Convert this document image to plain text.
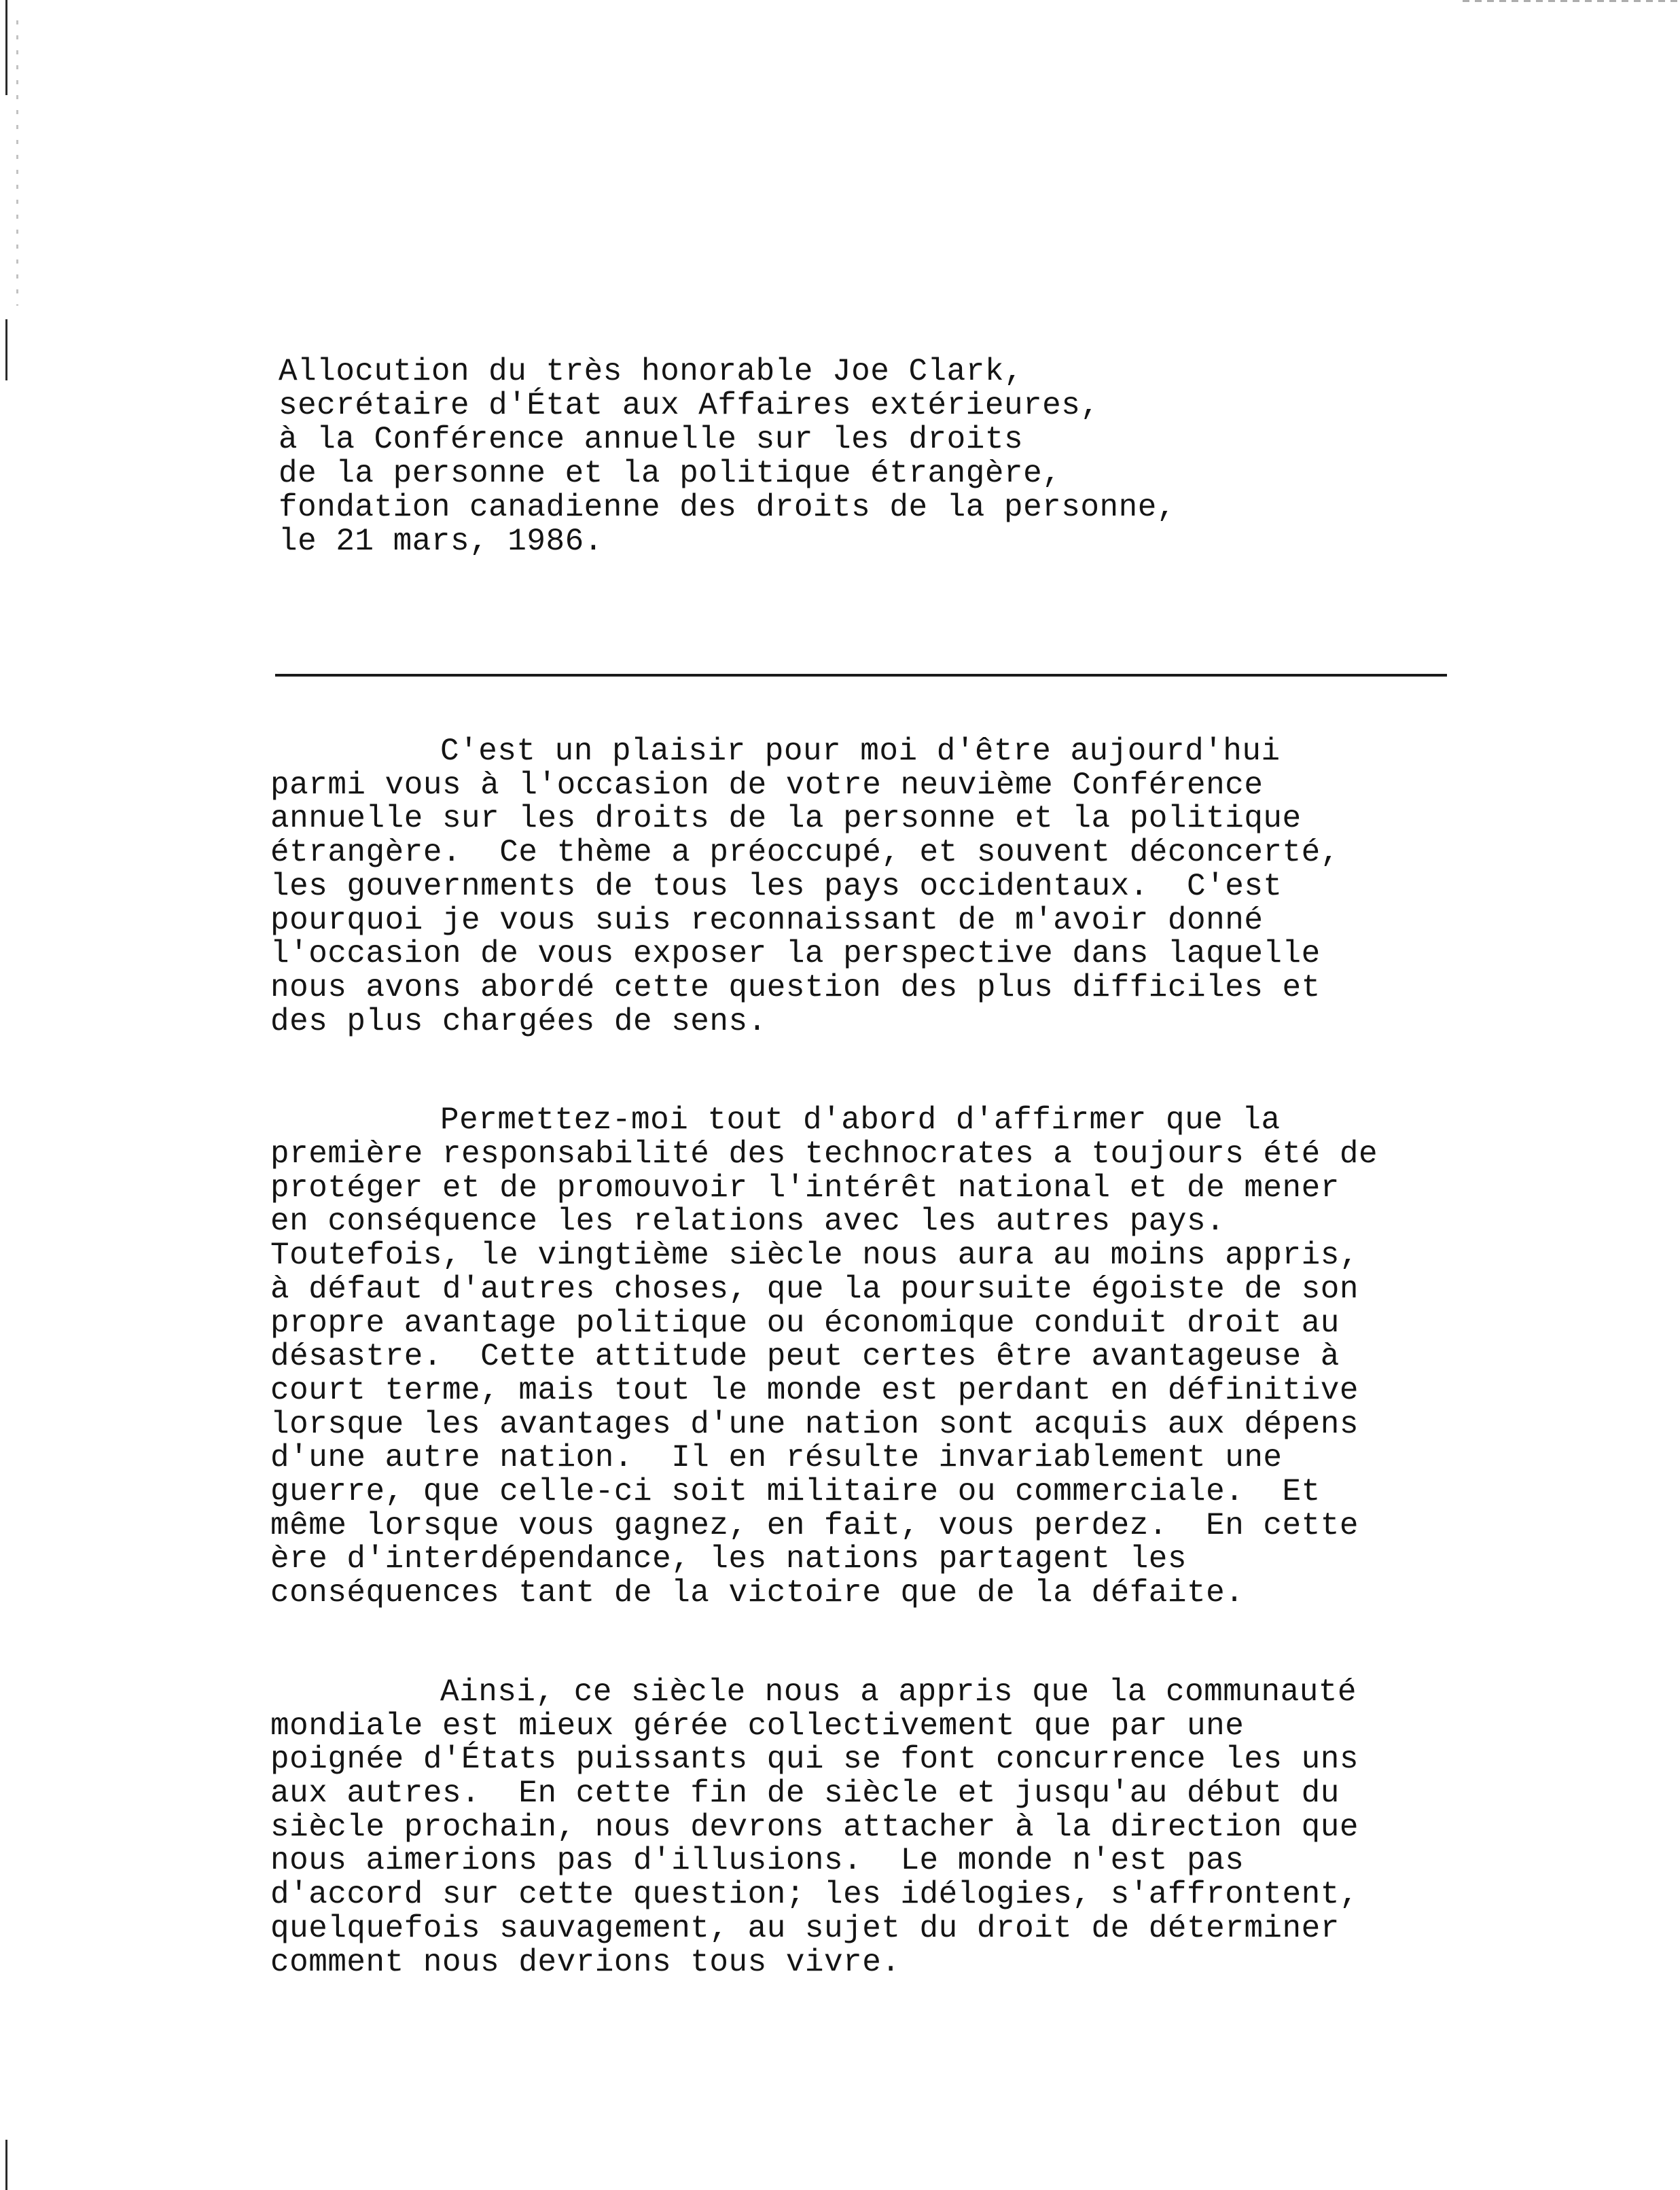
Allocution du très honorable Joe Clark,
secrétaire d'État aux Affaires extérieures,
à la Conférence annuelle sur les droits
de la personne et la politique étrangère,
fondation canadienne des droits de la personne,
le 21 mars, 1986.
C'est un plaisir pour moi d'être aujourd'hui
parmi vous à l'occasion de votre neuvième Conférence
annuelle sur les droits de la personne et la politique
étrangère.  Ce thème a préoccupé, et souvent déconcerté,
les gouvernments de tous les pays occidentaux.  C'est
pourquoi je vous suis reconnaissant de m'avoir donné
l'occasion de vous exposer la perspective dans laquelle
nous avons abordé cette question des plus difficiles et
des plus chargées de sens.
Permettez-moi tout d'abord d'affirmer que la
première responsabilité des technocrates a toujours été de
protéger et de promouvoir l'intérêt national et de mener
en conséquence les relations avec les autres pays.
Toutefois, le vingtième siècle nous aura au moins appris,
à défaut d'autres choses, que la poursuite égoiste de son
propre avantage politique ou économique conduit droit au
désastre.  Cette attitude peut certes être avantageuse à
court terme, mais tout le monde est perdant en définitive
lorsque les avantages d'une nation sont acquis aux dépens
d'une autre nation.  Il en résulte invariablement une
guerre, que celle-ci soit militaire ou commerciale.  Et
même lorsque vous gagnez, en fait, vous perdez.  En cette
ère d'interdépendance, les nations partagent les
conséquences tant de la victoire que de la défaite.
Ainsi, ce siècle nous a appris que la communauté
mondiale est mieux gérée collectivement que par une
poignée d'États puissants qui se font concurrence les uns
aux autres.  En cette fin de siècle et jusqu'au début du
siècle prochain, nous devrons attacher à la direction que
nous aimerions pas d'illusions.  Le monde n'est pas
d'accord sur cette question; les idélogies, s'affrontent,
quelquefois sauvagement, au sujet du droit de déterminer
comment nous devrions tous vivre.
